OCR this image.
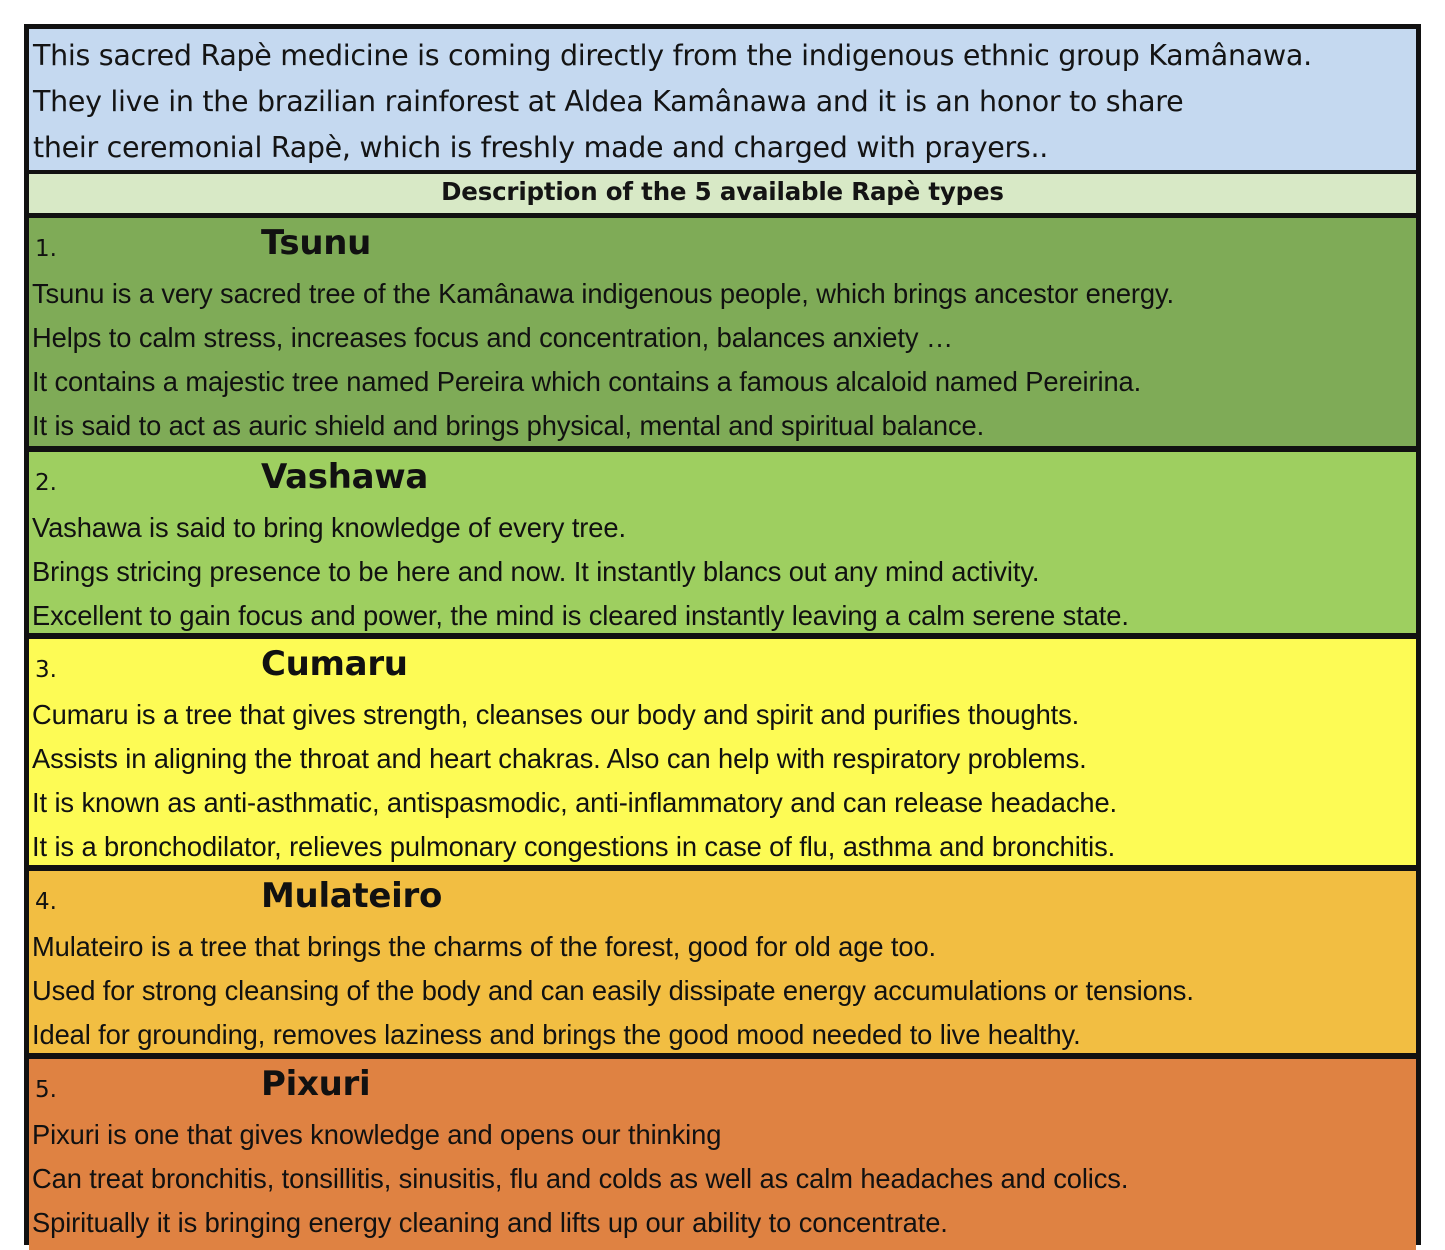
This sacred Rapè medicine is coming directly from the indigenous ethnic group Kamânawa.
They live in the brazilian rainforest at Aldea Kamânawa and it is an honor to share
their ceremonial Rapè, which is freshly made and charged with prayers..
Description of the 5 available Rapè types
1.	Tsunu
Tsunu is a very sacred tree of the Kamânawa indigenous people, which brings ancestor energy.
Helps to calm stress, increases focus and concentration, balances anxiety …
It contains a majestic tree named Pereira which contains a famous alcaloid named Pereirina.
It is said to act as auric shield and brings physical, mental and spiritual balance.
2.	Vashawa
Vashawa is said to bring knowledge of every tree.
Brings stricing presence to be here and now. It instantly blancs out any mind activity.
Excellent to gain focus and power, the mind is cleared instantly leaving a calm serene state.
3.	Cumaru
Cumaru is a tree that gives strength, cleanses our body and spirit and purifies thoughts.
Assists in aligning the throat and heart chakras. Also can help with respiratory problems.
It is known as anti-asthmatic, antispasmodic, anti-inflammatory and can release headache.
It is a bronchodilator, relieves pulmonary congestions in case of flu, asthma and bronchitis.
4.	Mulateiro
Mulateiro is a tree that brings the charms of the forest, good for old age too.
Used for strong cleansing of the body and can easily dissipate energy accumulations or tensions.
Ideal for grounding, removes laziness and brings the good mood needed to live healthy.
5.	Pixuri
Pixuri is one that gives knowledge and opens our thinking
Can treat bronchitis, tonsillitis, sinusitis, flu and colds as well as calm headaches and colics.
Spiritually it is bringing energy cleaning and lifts up our ability to concentrate.
